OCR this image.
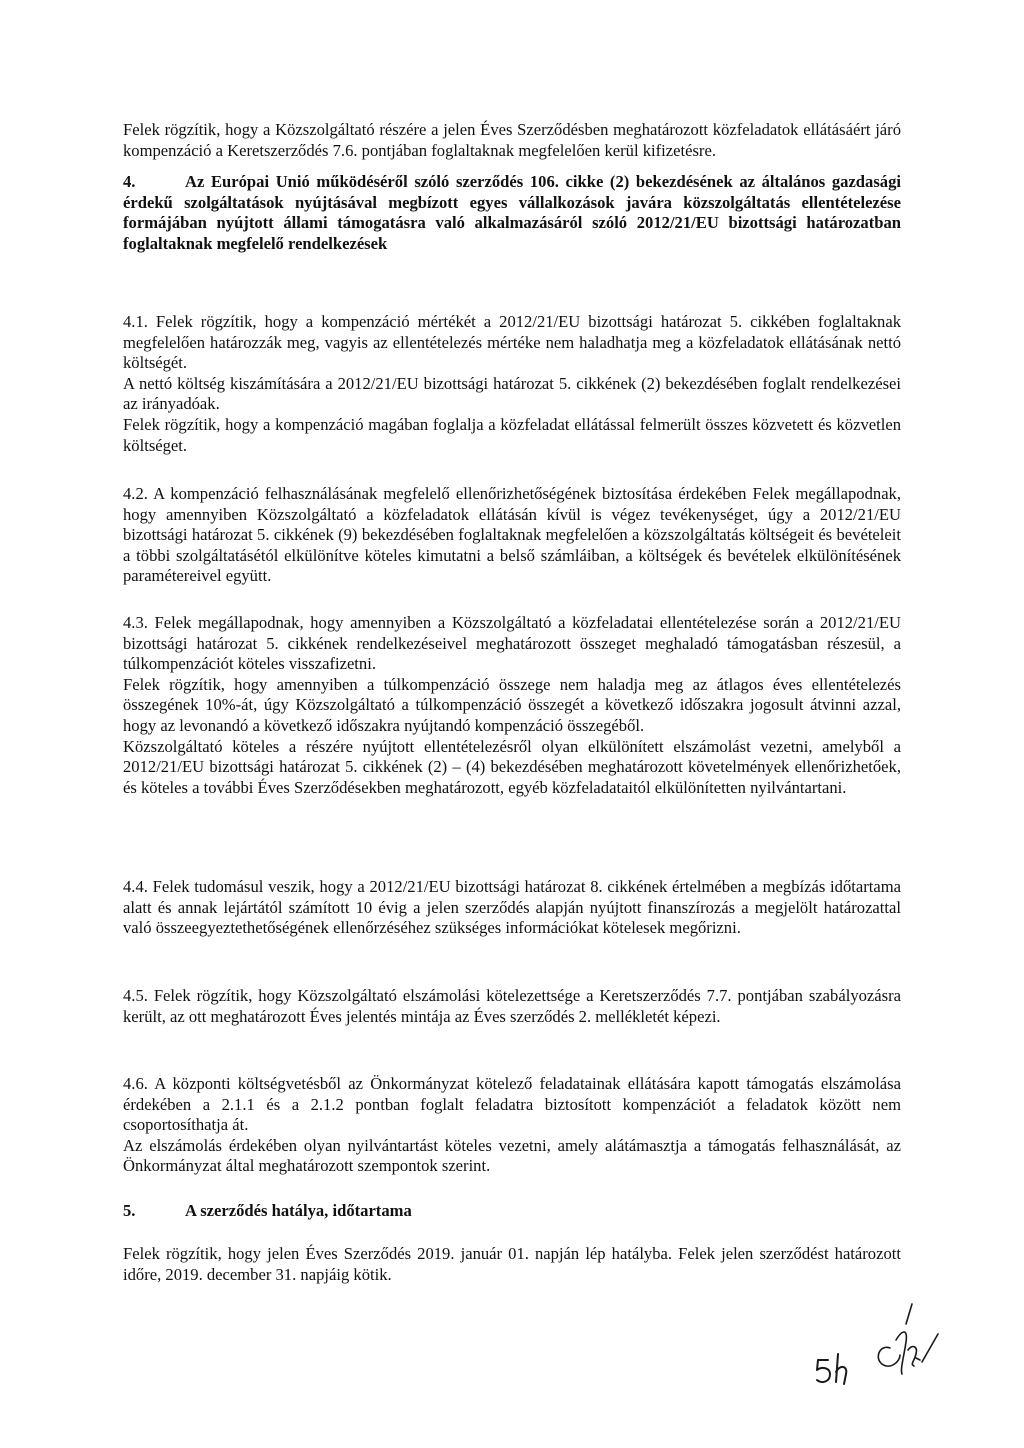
Felek rögzítik, hogy a Közszolgáltató részére a jelen Éves Szerződésben meghatározott közfeladatok ellátásáért járó kompenzáció a Keretszerződés 7.6. pontjában foglaltaknak megfelelően kerül kifizetésre.

4.	Az Európai Unió működéséről szóló szerződés 106. cikke (2) bekezdésének az általános gazdasági érdekű szolgáltatások nyújtásával megbízott egyes vállalkozások javára közszolgáltatás ellentételezése formájában nyújtott állami támogatásra való alkalmazásáról szóló 2012/21/EU bizottsági határozatban foglaltaknak megfelelő rendelkezések

4.1. Felek rögzítik, hogy a kompenzáció mértékét a 2012/21/EU bizottsági határozat 5. cikkében foglaltaknak megfelelően határozzák meg, vagyis az ellentételezés mértéke nem haladhatja meg a közfeladatok ellátásának nettó költségét.

A nettó költség kiszámítására a 2012/21/EU bizottsági határozat 5. cikkének (2) bekezdésében foglalt rendelkezései az irányadóak.

Felek rögzítik, hogy a kompenzáció magában foglalja a közfeladat ellátással felmerült összes közvetett és közvetlen költséget.

4.2. A kompenzáció felhasználásának megfelelő ellenőrizhetőségének biztosítása érdekében Felek megállapodnak, hogy amennyiben Közszolgáltató a közfeladatok ellátásán kívül is végez tevékenységet, úgy a 2012/21/EU bizottsági határozat 5. cikkének (9) bekezdésében foglaltaknak megfelelően a közszolgáltatás költségeit és bevételeit a többi szolgáltatásétól elkülönítve köteles kimutatni a belső számláiban, a költségek és bevételek elkülönítésének paramétereivel együtt.

4.3. Felek megállapodnak, hogy amennyiben a Közszolgáltató a közfeladatai ellentételezése során a 2012/21/EU bizottsági határozat 5. cikkének rendelkezéseivel meghatározott összeget meghaladó támogatásban részesül, a túlkompenzációt köteles visszafizetni.

Felek rögzítik, hogy amennyiben a túlkompenzáció összege nem haladja meg az átlagos éves ellentételezés összegének 10%-át, úgy Közszolgáltató a túlkompenzáció összegét a következő időszakra jogosult átvinni azzal, hogy az levonandó a következő időszakra nyújtandó kompenzáció összegéből.

Közszolgáltató köteles a részére nyújtott ellentételezésről olyan elkülönített elszámolást vezetni, amelyből a 2012/21/EU bizottsági határozat 5. cikkének (2) – (4) bekezdésében meghatározott követelmények ellenőrizhetőek, és köteles a további Éves Szerződésekben meghatározott, egyéb közfeladataitól elkülönítetten nyilvántartani.

4.4. Felek tudomásul veszik, hogy a 2012/21/EU bizottsági határozat 8. cikkének értelmében a megbízás időtartama alatt és annak lejártától számított 10 évig a jelen szerződés alapján nyújtott finanszírozás a megjelölt határozattal való összeegyeztethetőségének ellenőrzéséhez szükséges információkat kötelesek megőrizni.

4.5. Felek rögzítik, hogy Közszolgáltató elszámolási kötelezettsége a Keretszerződés 7.7. pontjában szabályozásra került, az ott meghatározott Éves jelentés mintája az Éves szerződés 2. mellékletét képezi.

4.6. A központi költségvetésből az Önkormányzat kötelező feladatainak ellátására kapott támogatás elszámolása érdekében a 2.1.1 és a 2.1.2 pontban foglalt feladatra biztosított kompenzációt a feladatok között nem csoportosíthatja át.

Az elszámolás érdekében olyan nyilvántartást köteles vezetni, amely alátámasztja a támogatás felhasználását, az Önkormányzat által meghatározott szempontok szerint.

5.	A szerződés hatálya, időtartama

Felek rögzítik, hogy jelen Éves Szerződés 2019. január 01. napján lép hatályba. Felek jelen szerződést határozott időre, 2019. december 31. napjáig kötik.
